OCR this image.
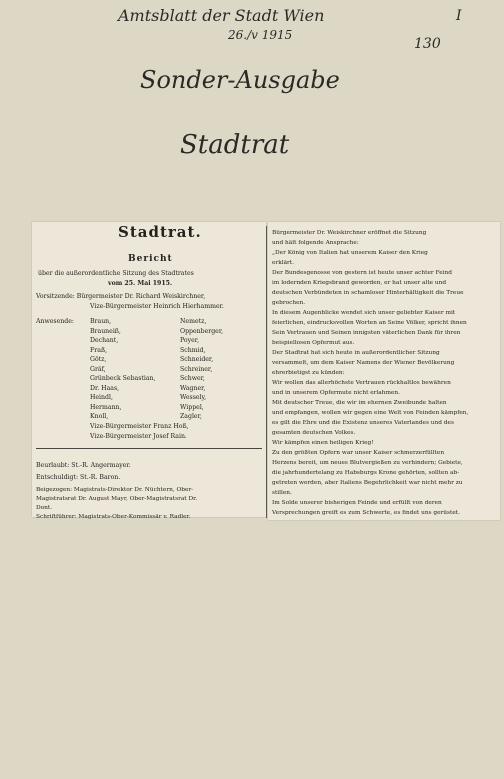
Amtsblatt der Stadt Wien
26./v 1915
I
130
Sonder-Ausgabe
Stadtrat
Stadtrat.
Bericht
über die außerordentliche Sitzung des Stadtrates
vom 25. Mai 1915.
Vorsitzende: Bürgermeister Dr. Richard Weiskirchner,
Vize-Bürgermeister Heinrich Hierhammer.
Anwesende:	Braun,
Brauneiß,
Dechant,
Fraß,
Götz,
Gräf,
Grünbeck Sebastian,
Dr. Haas,
Heindl,
Hermann,
Knoll,
Nemetz,
Oppenberger,
Poyer,
Schmid,
Schneider,
Schreiner,
Schwer,
Wagner,
Wessely,
Wippel,
Zagler,
Vize-Bürgermeister Franz Hoß,
Vize-Bürgermeister Josef Rain.
Beurlaubt: St.-R. Angermayer.
Entschuldigt: St.-R. Baron.
Beigezogen: Magistrats-Direktor Dr. Nüchtern, Ober-
Magistratsrat Dr. August Mayr, Ober-Magistratsrat Dr.
Dont.
Schriftführer: Magistrats-Ober-Kommissär v. Radler.
Bürgermeister Dr. Weiskirchner eröffnet die Sitzung
und hält folgende Ansprache:
„Der König von Italien hat unserem Kaiser den Krieg
erklärt.
Der Bundesgenosse von gestern ist heute unser achter Feind
im lodernden Kriegsbrand geworden, er hat unser alte und
deutschen Verbündeten in schamloser Hinterhältigkeit die Treue
gebrochen.
In diesem Augenblicke wendet sich unser geliebter Kaiser mit
feierlichen, eindrucksvollen Worten an Seine Völker, spricht ihnen
Sein Vertrauen und Seinen innigsten väterlichen Dank für ihren
beispiellosen Opfermut aus.
Der Stadtrat hat sich heute in außerordentlicher Sitzung
versammelt, um dem Kaiser Namens der Wiener Bevölkerung
ehrerbietigst zu künden:
Wir wollen das allerhöchste Vertrauen rückhaltlos bewähren
und in unserem Opfermute nicht erlahmen.
Mit deutscher Treue, die wir im ehernen Zweibunde halten
und empfangen, wollen wir gegen eine Welt von Feinden kämpfen,
es gilt die Ehre und die Existenz unseres Vaterlandes und des
gesamten deutschen Volkes.
Wir kämpfen einen heiligen Krieg!
Zu den größten Opfern war unser Kaiser schmerzerfüllten
Herzens bereit, um neues Blutvergießen zu verhindern; Gebiete,
die jahrhundertelang zu Habsburgs Krone gehörten, sollten ab-
getreten werden, aber Italiens Begehrlichkeit war nicht mehr zu
stillen.
Im Solde unserer bisherigen Feinde und erfüllt von deren
Versprechungen greift es zum Schwerte, es findet uns gerüstet.
